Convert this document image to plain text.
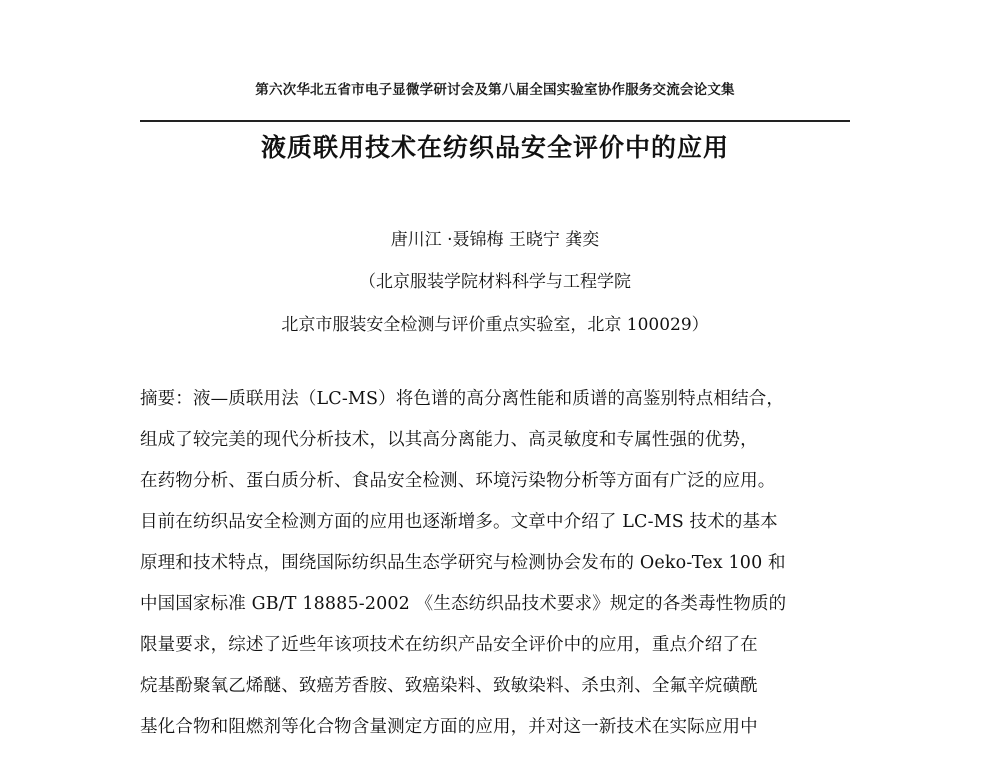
第六次华北五省市电子显微学研讨会及第八届全国实验室协作服务交流会论文集
液质联用技术在纺织品安全评价中的应用
唐川江 ·聂锦梅 王晓宁 龚奕
（北京服装学院材料科学与工程学院
北京市服装安全检测与评价重点实验室，北京 100029）
摘要：液—质联用法（LC-MS）将色谱的高分离性能和质谱的高鉴别特点相结合，
组成了较完美的现代分析技术，以其高分离能力、高灵敏度和专属性强的优势，
在药物分析、蛋白质分析、食品安全检测、环境污染物分析等方面有广泛的应用。
目前在纺织品安全检测方面的应用也逐渐增多。文章中介绍了 LC-MS 技术的基本
原理和技术特点，围绕国际纺织品生态学研究与检测协会发布的 Oeko-Tex 100 和
中国国家标准 GB/T 18885-2002 《生态纺织品技术要求》规定的各类毒性物质的
限量要求，综述了近些年该项技术在纺织产品安全评价中的应用，重点介绍了在
烷基酚聚氧乙烯醚、致癌芳香胺、致癌染料、致敏染料、杀虫剂、全氟辛烷磺酰
基化合物和阻燃剂等化合物含量测定方面的应用，并对这一新技术在实际应用中
